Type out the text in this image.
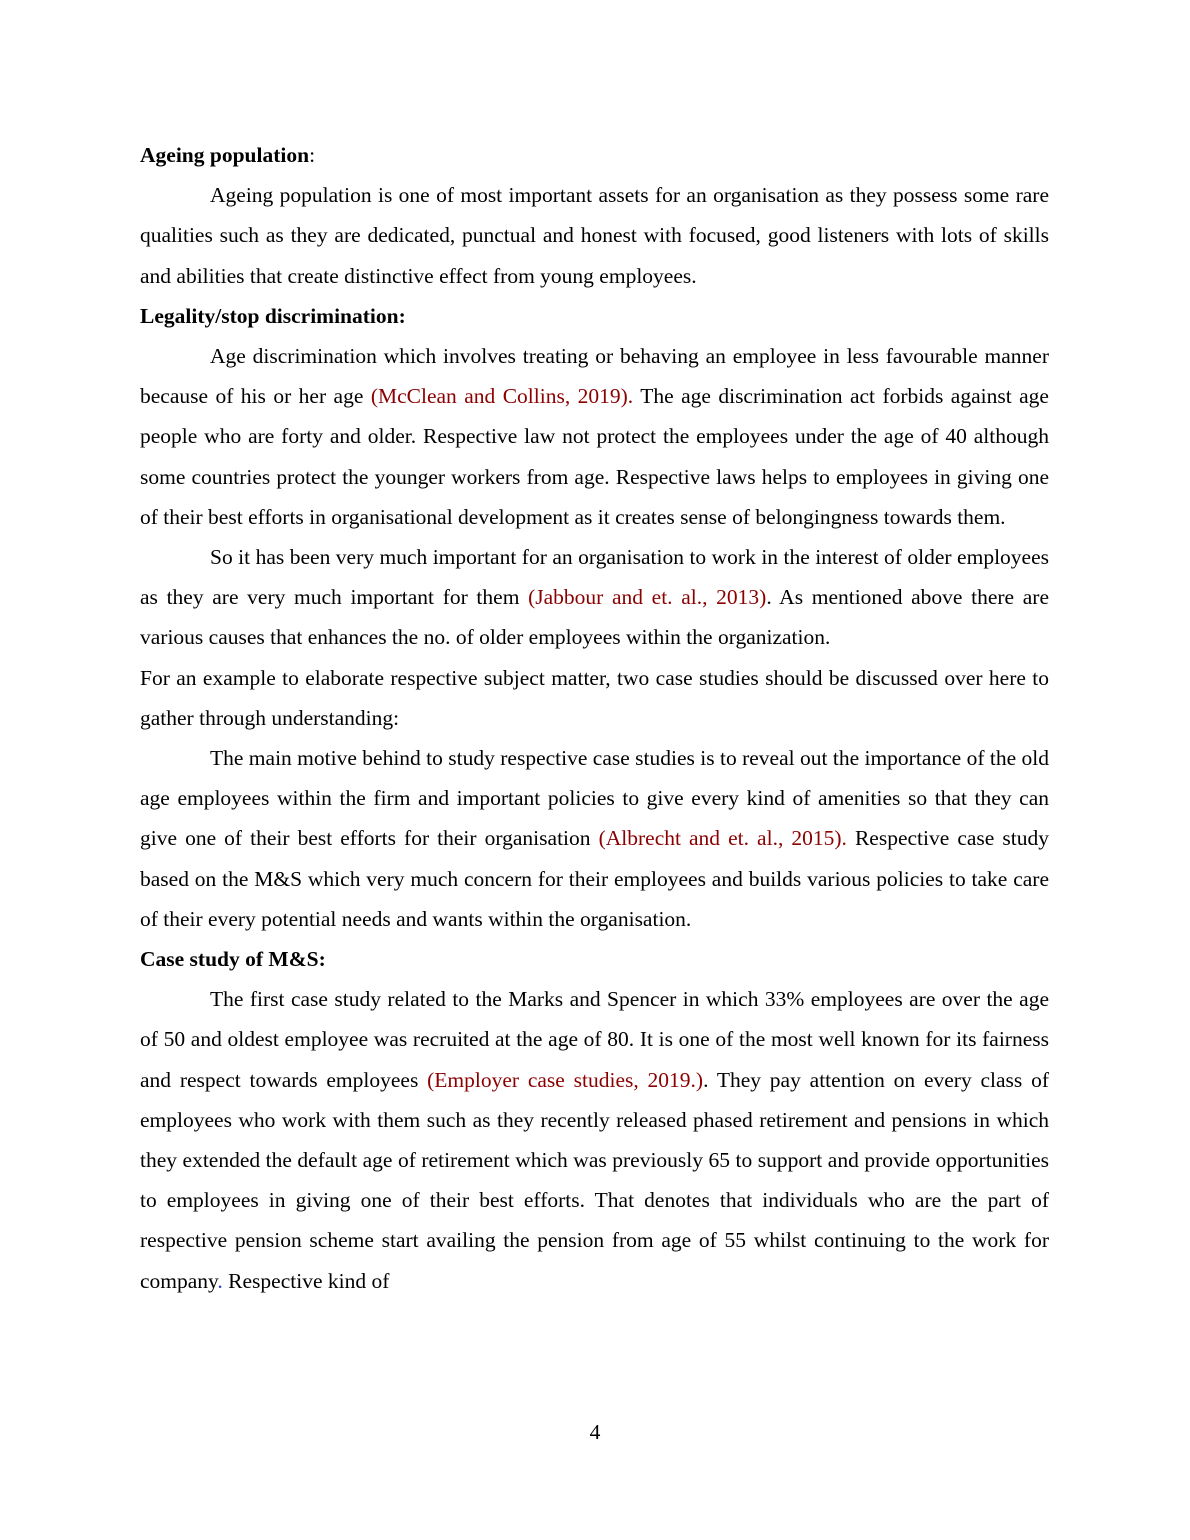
Ageing population:

Ageing population is one of most important assets for an organisation as they possess some rare qualities such as they are dedicated, punctual and honest with focused, good listeners with lots of skills and abilities that create distinctive effect from young employees.

Legality/stop discrimination:

Age discrimination which involves treating or behaving an employee in less favourable manner because of his or her age (McClean and Collins, 2019). The age discrimination act forbids against age people who are forty and older. Respective law not protect the employees under the age of 40 although some countries protect the younger workers from age. Respective laws helps to employees in giving one of their best efforts in organisational development as it creates sense of belongingness towards them.

So it has been very much important for an organisation to work in the interest of older employees as they are very much important for them (Jabbour and et. al., 2013). As mentioned above there are various causes that enhances the no. of older employees within the organization.

For an example to elaborate respective subject matter, two case studies should be discussed over here to gather through understanding:

The main motive behind to study respective case studies is to reveal out the importance of the old age employees within the firm and important policies to give every kind of amenities so that they can give one of their best efforts for their organisation (Albrecht and et. al., 2015). Respective case study based on the M&S which very much concern for their employees and builds various policies to take care of their every potential needs and wants within the organisation.

Case study of M&S:

The first case study related to the Marks and Spencer in which 33% employees are over the age of 50 and oldest employee was recruited at the age of 80. It is one of the most well known for its fairness and respect towards employees (Employer case studies, 2019.). They pay attention on every class of employees who work with them such as they recently released phased retirement and pensions in which they extended the default age of retirement which was previously 65 to support and provide opportunities to employees in giving one of their best efforts. That denotes that individuals who are the part of respective pension scheme start availing the pension from age of 55 whilst continuing to the work for company. Respective kind of

4
